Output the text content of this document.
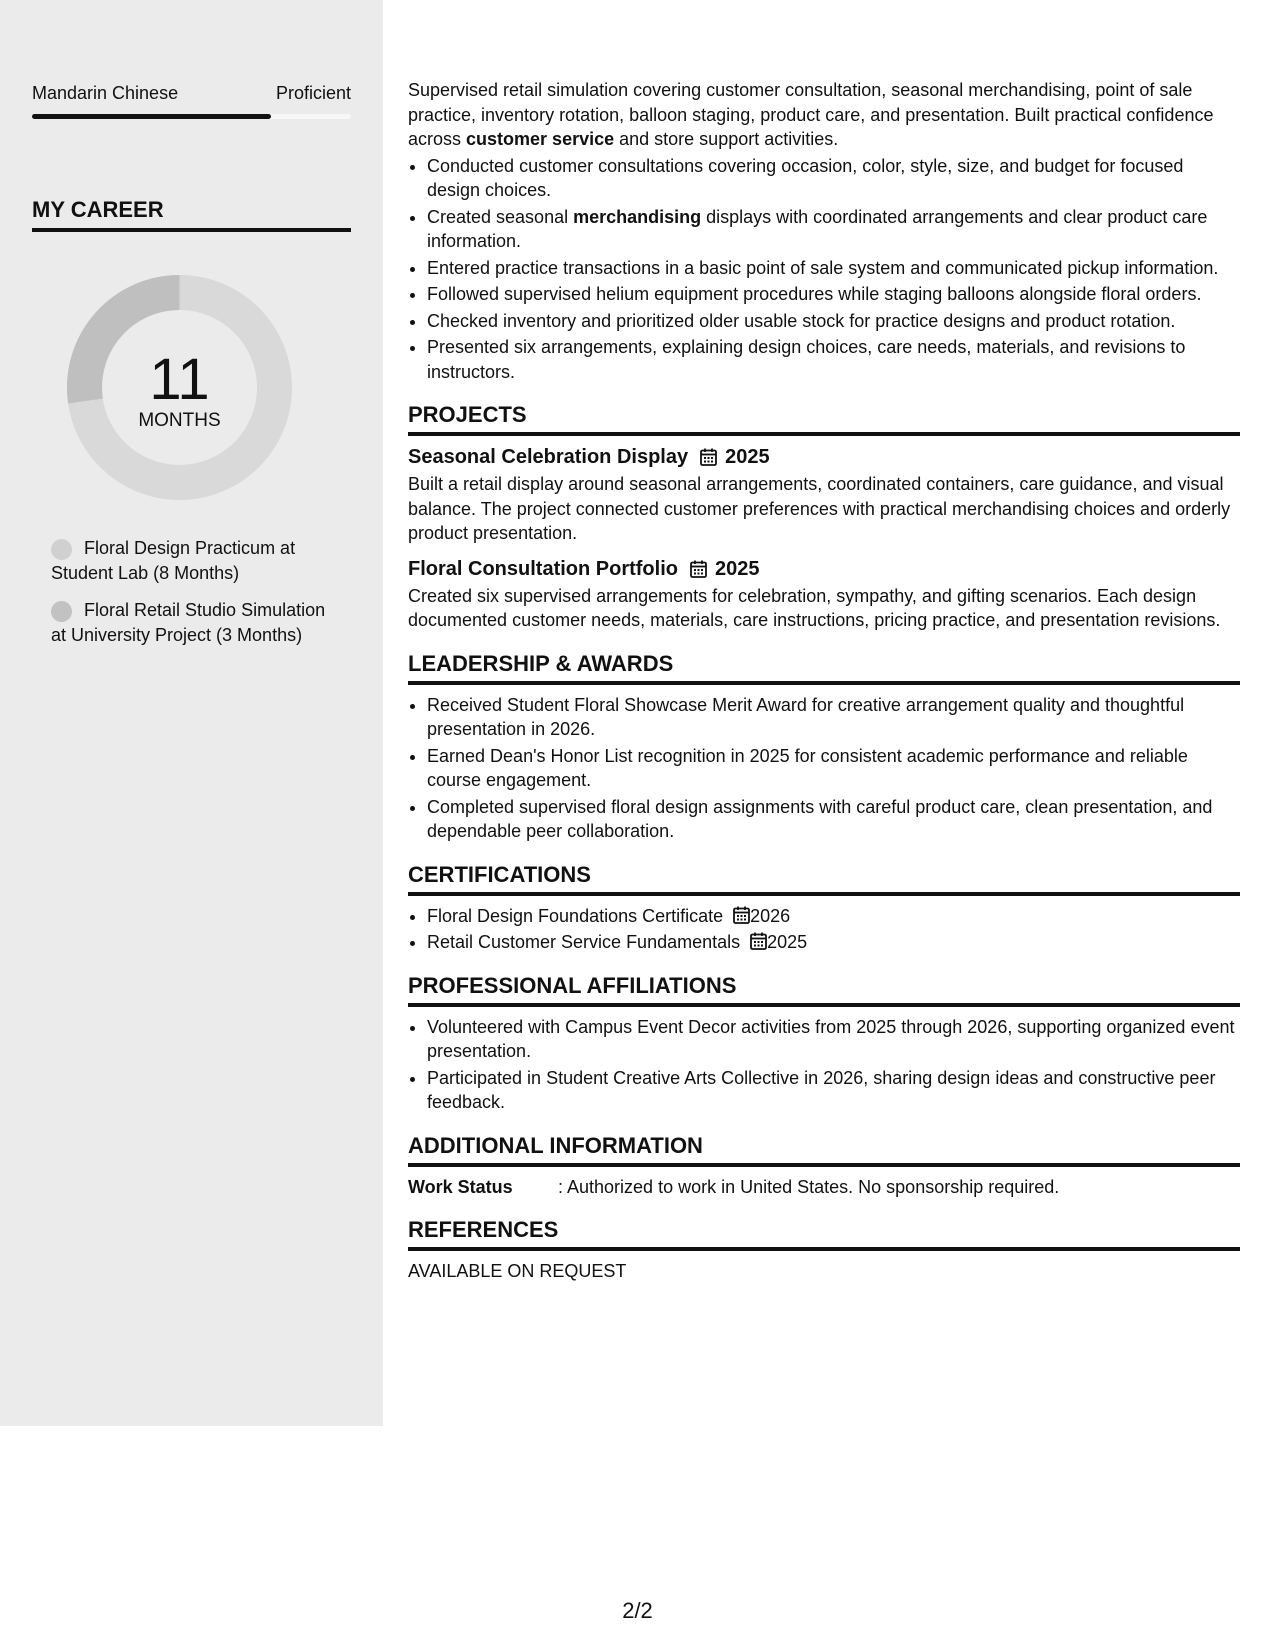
Mandarin Chinese	Proficient
MY CAREER
11
MONTHS
Floral Design Practicum at Student Lab (8 Months)
Floral Retail Studio Simulation at University Project (3 Months)

Supervised retail simulation covering customer consultation, seasonal merchandising, point of sale practice, inventory rotation, balloon staging, product care, and presentation. Built practical confidence across customer service and store support activities.

• Conducted customer consultations covering occasion, color, style, size, and budget for focused design choices.
• Created seasonal merchandising displays with coordinated arrangements and clear product care information.
• Entered practice transactions in a basic point of sale system and communicated pickup information.
• Followed supervised helium equipment procedures while staging balloons alongside floral orders.
• Checked inventory and prioritized older usable stock for practice designs and product rotation.
• Presented six arrangements, explaining design choices, care needs, materials, and revisions to instructors.
PROJECTS
Seasonal Celebration Display 2025
Built a retail display around seasonal arrangements, coordinated containers, care guidance, and visual balance. The project connected customer preferences with practical merchandising choices and orderly product presentation.
Floral Consultation Portfolio 2025
Created six supervised arrangements for celebration, sympathy, and gifting scenarios. Each design documented customer needs, materials, care instructions, pricing practice, and presentation revisions.
LEADERSHIP & AWARDS
• Received Student Floral Showcase Merit Award for creative arrangement quality and thoughtful presentation in 2026.
• Earned Dean's Honor List recognition in 2025 for consistent academic performance and reliable course engagement.
• Completed supervised floral design assignments with careful product care, clean presentation, and dependable peer collaboration.
CERTIFICATIONS
• Floral Design Foundations Certificate 2026
• Retail Customer Service Fundamentals 2025
PROFESSIONAL AFFILIATIONS
• Volunteered with Campus Event Decor activities from 2025 through 2026, supporting organized event presentation.
• Participated in Student Creative Arts Collective in 2026, sharing design ideas and constructive peer feedback.
ADDITIONAL INFORMATION
Work Status	: Authorized to work in United States. No sponsorship required.
REFERENCES
AVAILABLE ON REQUEST
2/2
